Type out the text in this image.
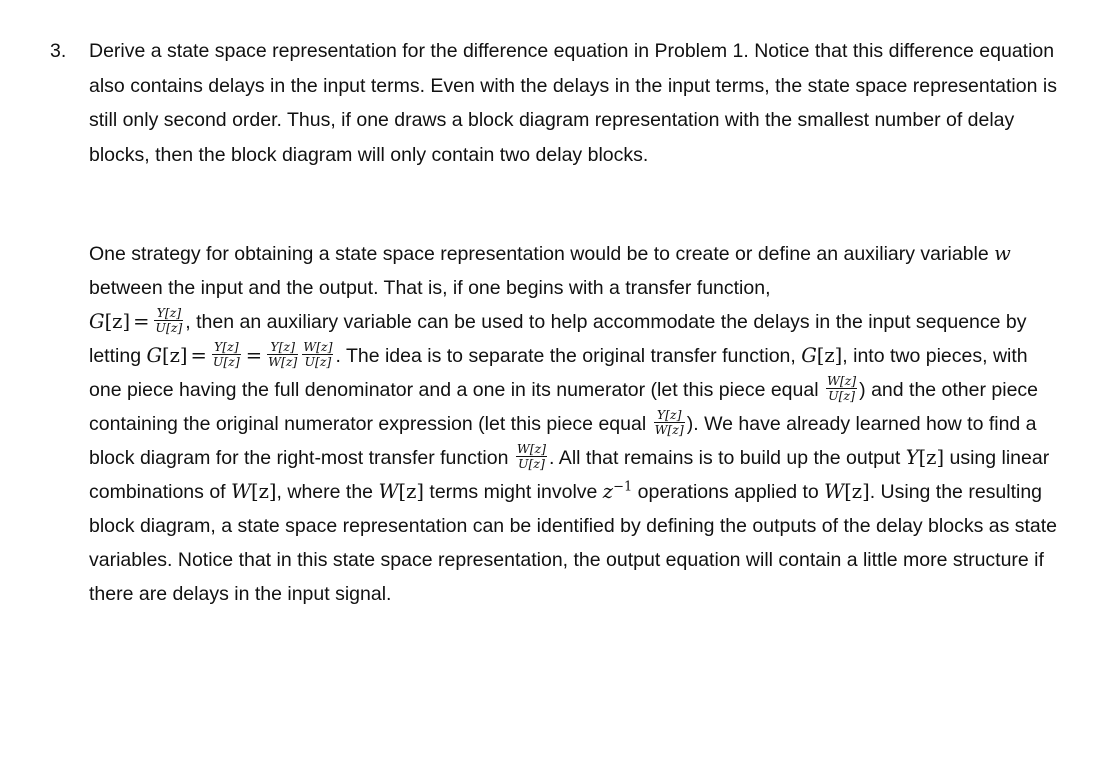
3. Derive a state space representation for the difference equation in Problem 1. Notice that this difference equation also contains delays in the input terms. Even with the delays in the input terms, the state space representation is still only second order. Thus, if one draws a block diagram representation with the smallest number of delay blocks, then the block diagram will only contain two delay blocks.
One strategy for obtaining a state space representation would be to create or define an auxiliary variable w between the input and the output. That is, if one begins with a transfer function,
$G[z] = \frac{Y[z]}{U[z]}$ , then an auxiliary variable can be used to help accommodate the delays in the input sequence by letting $G[z] = \frac{Y[z]}{U[z]} = \frac{Y[z]}{W[z]} \frac{W[z]}{U[z]}$ . The idea is to separate the original transfer function, G[z], into two pieces, with one piece having the full denominator and a one in its numerator (let this piece equal $\frac{W[z]}{U[z]}$ ) and the other piece containing the original numerator expression (let this piece equal $\frac{Y[z]}{W[z]}$ ). We have already learned how to find a block diagram for the right-most transfer function $\frac{W[z]}{U[z]}$ . All that remains is to build up the output Y[z] using linear combinations of W[z], where the W[z] terms might involve $z^{-1}$ operations applied to W[z]. Using the resulting block diagram, a state space representation can be identified by defining the outputs of the delay blocks as state variables. Notice that in this state space representation, the output equation will contain a little more structure if there are delays in the input signal.
